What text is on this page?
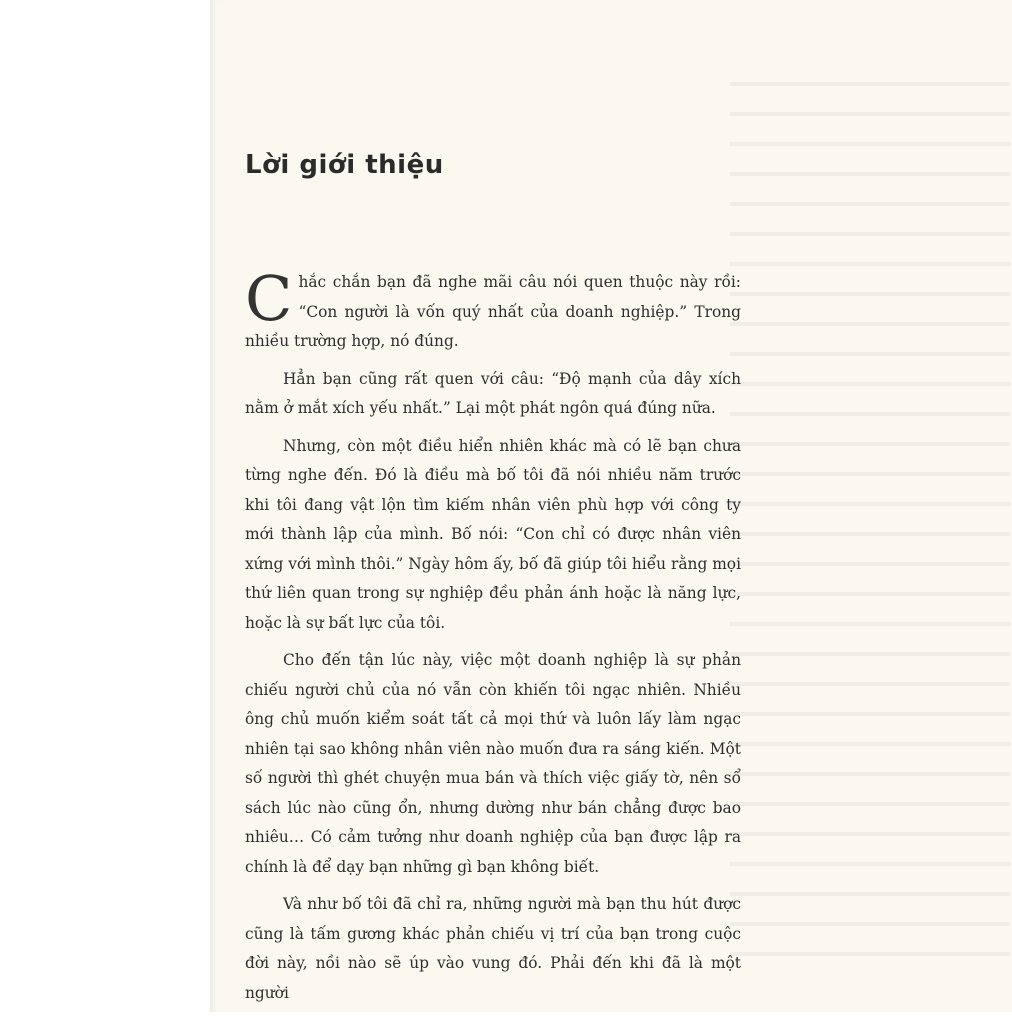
Lời giới thiệu

Chắc chắn bạn đã nghe mãi câu nói quen thuộc này rồi: “Con người là vốn quý nhất của doanh nghiệp.” Trong nhiều trường hợp, nó đúng.

Hẳn bạn cũng rất quen với câu: “Độ mạnh của dây xích nằm ở mắt xích yếu nhất.” Lại một phát ngôn quá đúng nữa.

Nhưng, còn một điều hiển nhiên khác mà có lẽ bạn chưa từng nghe đến. Đó là điều mà bố tôi đã nói nhiều năm trước khi tôi đang vật lộn tìm kiếm nhân viên phù hợp với công ty mới thành lập của mình. Bố nói: “Con chỉ có được nhân viên xứng với mình thôi.” Ngày hôm ấy, bố đã giúp tôi hiểu rằng mọi thứ liên quan trong sự nghiệp đều phản ánh hoặc là năng lực, hoặc là sự bất lực của tôi.

Cho đến tận lúc này, việc một doanh nghiệp là sự phản chiếu người chủ của nó vẫn còn khiến tôi ngạc nhiên. Nhiều ông chủ muốn kiểm soát tất cả mọi thứ và luôn lấy làm ngạc nhiên tại sao không nhân viên nào muốn đưa ra sáng kiến. Một số người thì ghét chuyện mua bán và thích việc giấy tờ, nên sổ sách lúc nào cũng ổn, nhưng dường như bán chẳng được bao nhiêu… Có cảm tưởng như doanh nghiệp của bạn được lập ra chính là để dạy bạn những gì bạn không biết.

Và như bố tôi đã chỉ ra, những người mà bạn thu hút được cũng là tấm gương khác phản chiếu vị trí của bạn trong cuộc đời này, nồi nào sẽ úp vào vung đó. Phải đến khi đã là một người
